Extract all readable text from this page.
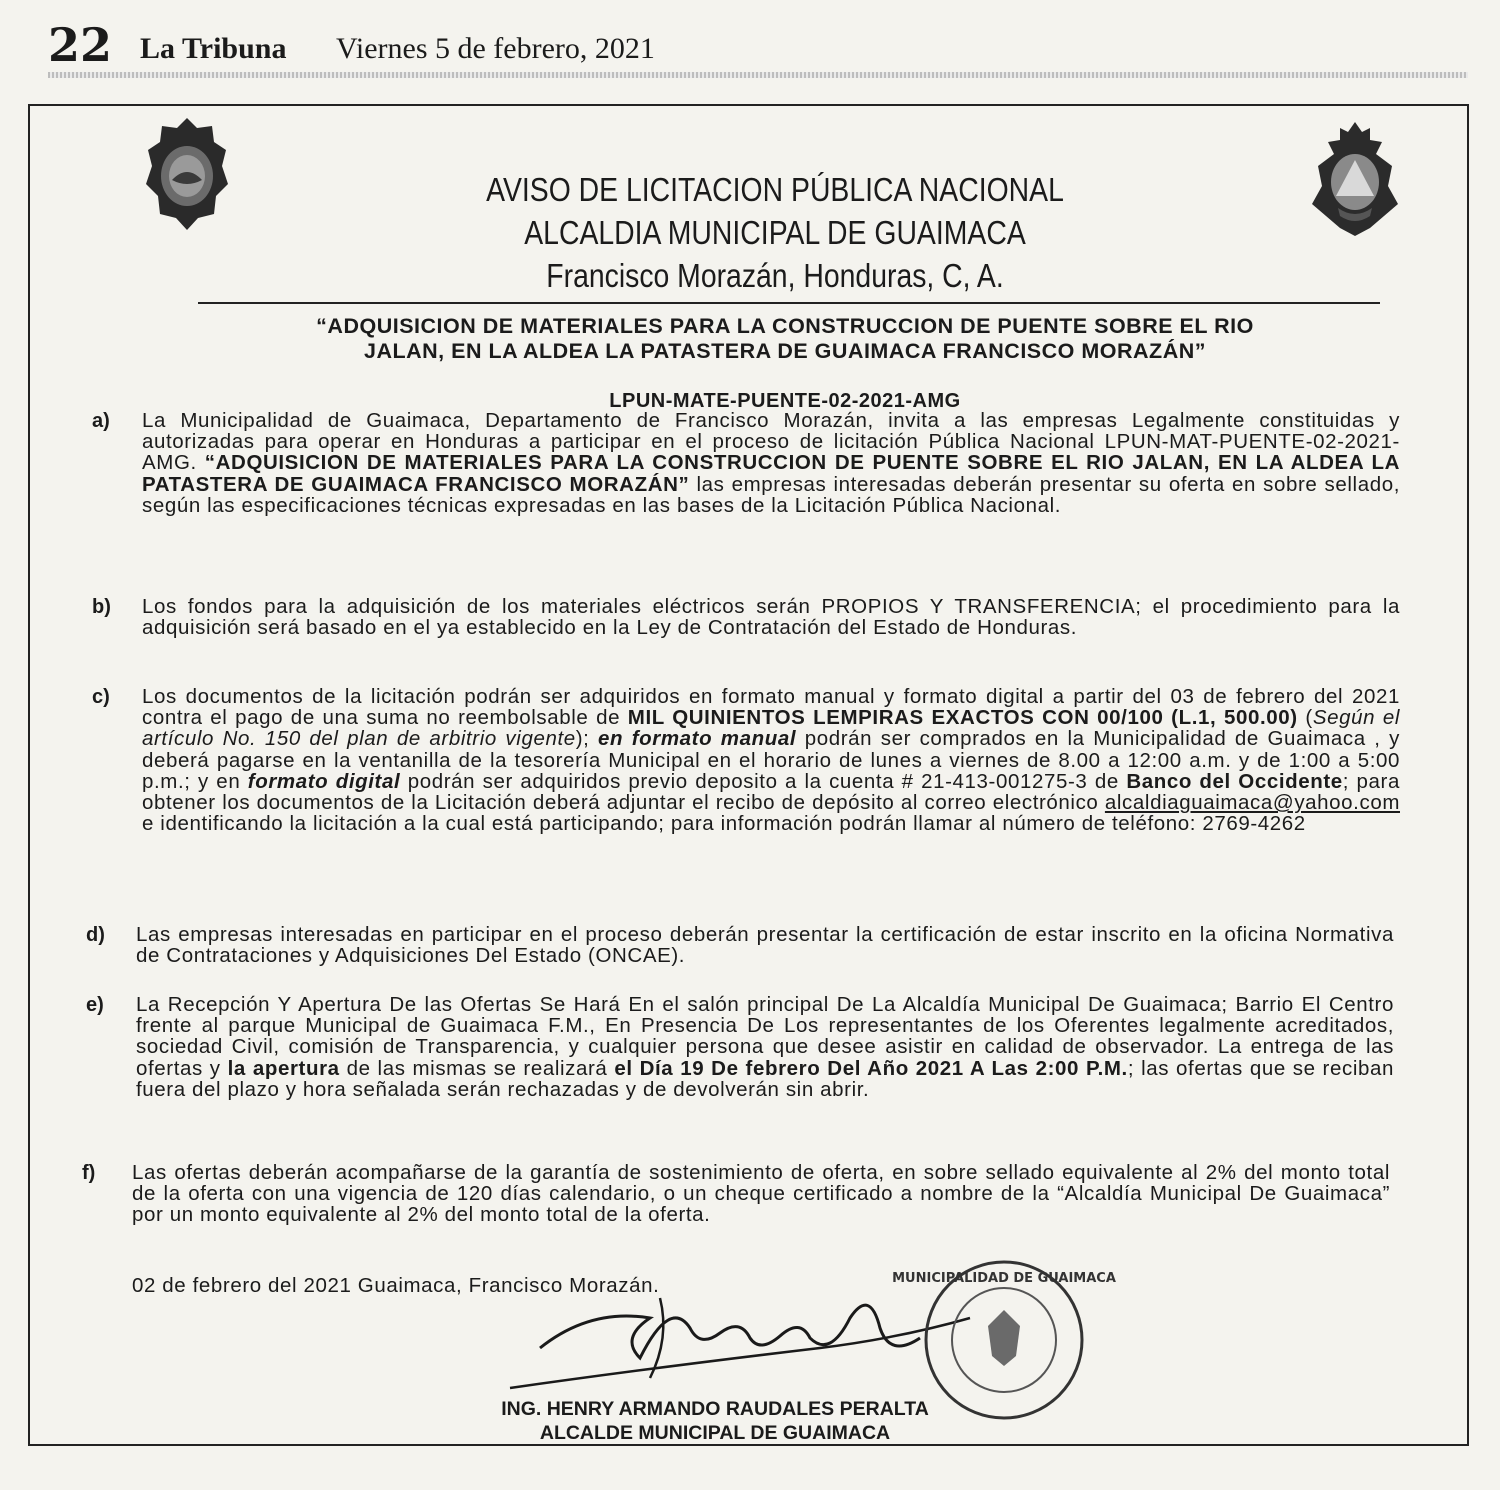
22 La Tribuna Viernes 5 de febrero, 2021
AVISO DE LICITACION PÚBLICA NACIONAL
ALCALDIA MUNICIPAL DE GUAIMACA
Francisco Morazán, Honduras, C, A.
“ADQUISICION DE MATERIALES PARA LA CONSTRUCCION DE PUENTE SOBRE EL RIO
JALAN, EN LA ALDEA LA PATASTERA DE GUAIMACA FRANCISCO MORAZÁN”
LPUN-MATE-PUENTE-02-2021-AMG
a) La Municipalidad de Guaimaca, Departamento de Francisco Morazán, invita a las empresas Legalmente constituidas y autorizadas para operar en Honduras a participar en el proceso de licitación Pública Nacional LPUN-MAT-PUENTE-02-2021-AMG. “ADQUISICION DE MATERIALES PARA LA CONSTRUCCION DE PUENTE SOBRE EL RIO JALAN, EN LA ALDEA LA PATASTERA DE GUAIMACA FRANCISCO MORAZÁN” las empresas interesadas deberán presentar su oferta en sobre sellado, según las especificaciones técnicas expresadas en las bases de la Licitación Pública Nacional.
b) Los fondos para la adquisición de los materiales eléctricos serán PROPIOS Y TRANSFERENCIA; el procedimiento para la adquisición será basado en el ya establecido en la Ley de Contratación del Estado de Honduras.
c) Los documentos de la licitación podrán ser adquiridos en formato manual y formato digital a partir del 03 de febrero del 2021 contra el pago de una suma no reembolsable de MIL QUINIENTOS LEMPIRAS EXACTOS CON 00/100 (L.1, 500.00) (Según el artículo No. 150 del plan de arbitrio vigente); en formato manual podrán ser comprados en la Municipalidad de Guaimaca , y deberá pagarse en la ventanilla de la tesorería Municipal en el horario de lunes a viernes de 8.00 a 12:00 a.m. y de 1:00 a 5:00 p.m.; y en formato digital podrán ser adquiridos previo deposito a la cuenta # 21-413-001275-3 de Banco del Occidente; para obtener los documentos de la Licitación deberá adjuntar el recibo de depósito al correo electrónico alcaldiaguaimaca@yahoo.com e identificando la licitación a la cual está participando; para información podrán llamar al número de teléfono: 2769-4262
d) Las empresas interesadas en participar en el proceso deberán presentar la certificación de estar inscrito en la oficina Normativa de Contrataciones y Adquisiciones Del Estado (ONCAE).
e) La Recepción Y Apertura De las Ofertas Se Hará En el salón principal De La Alcaldía Municipal De Guaimaca; Barrio El Centro frente al parque Municipal de Guaimaca F.M., En Presencia De Los representantes de los Oferentes legalmente acreditados, sociedad Civil, comisión de Transparencia, y cualquier persona que desee asistir en calidad de observador. La entrega de las ofertas y la apertura de las mismas se realizará el Día 19 De febrero Del Año 2021 A Las 2:00 P.M.; las ofertas que se reciban fuera del plazo y hora señalada serán rechazadas y de devolverán sin abrir.
f) Las ofertas deberán acompañarse de la garantía de sostenimiento de oferta, en sobre sellado equivalente al 2% del monto total de la oferta con una vigencia de 120 días calendario, o un cheque certificado a nombre de la “Alcaldía Municipal De Guaimaca” por un monto equivalente al 2% del monto total de la oferta.
02 de febrero del 2021 Guaimaca, Francisco Morazán.	MUNICIPALIDAD DE GUAIMACA
ING. HENRY ARMANDO RAUDALES PERALTA
ALCALDE MUNICIPAL DE GUAIMACA
